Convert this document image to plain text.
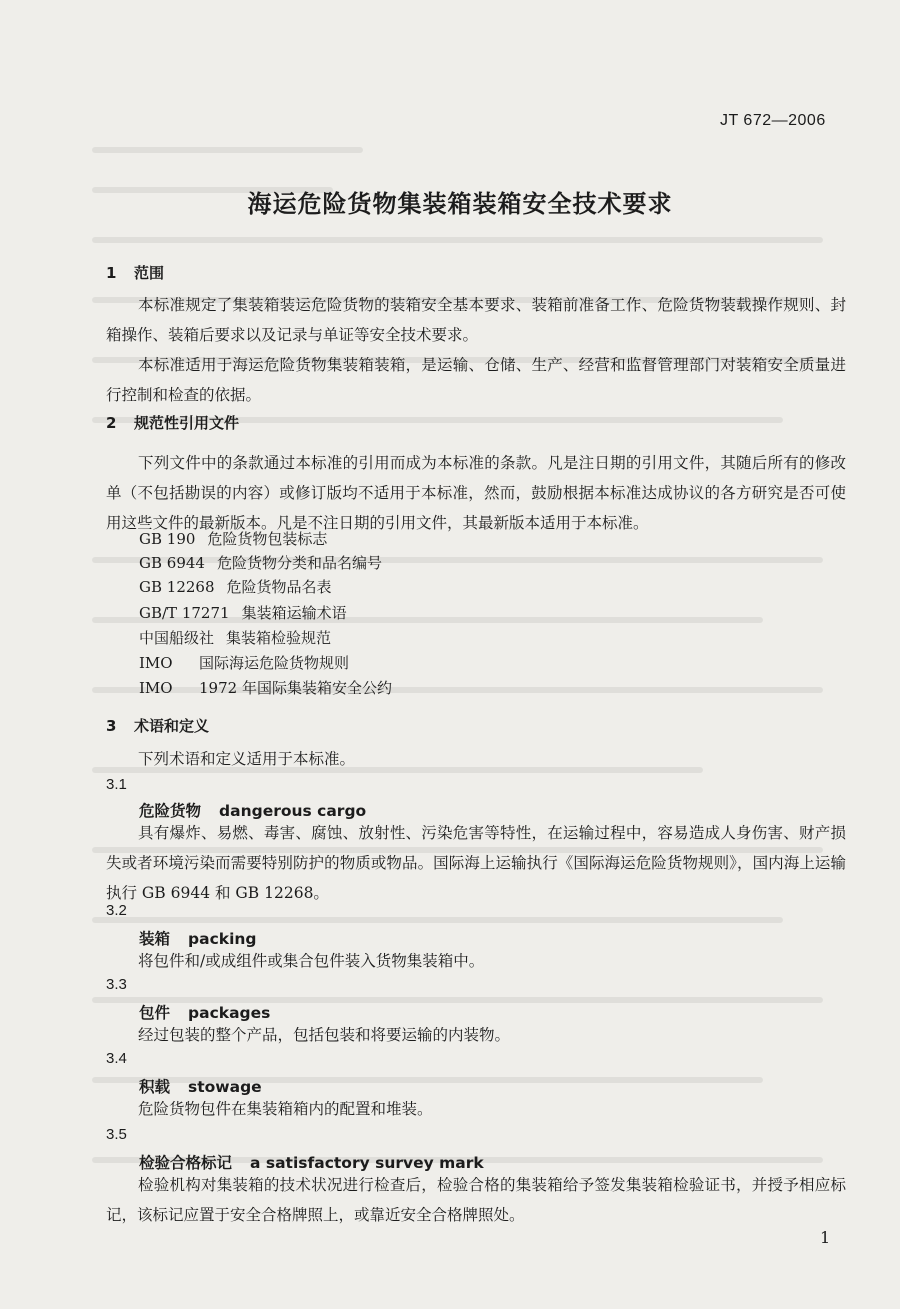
JT 672—2006
海运危险货物集装箱装箱安全技术要求
1 范围

本标准规定了集装箱装运危险货物的装箱安全基本要求、装箱前准备工作、危险货物装载操作规则、封箱操作、装箱后要求以及记录与单证等安全技术要求。

本标准适用于海运危险货物集装箱装箱，是运输、仓储、生产、经营和监督管理部门对装箱安全质量进行控制和检查的依据。

2 规范性引用文件

下列文件中的条款通过本标准的引用而成为本标准的条款。凡是注日期的引用文件，其随后所有的修改单（不包括勘误的内容）或修订版均不适用于本标准，然而，鼓励根据本标准达成协议的各方研究是否可使用这些文件的最新版本。凡是不注日期的引用文件，其最新版本适用于本标准。

GB 190 危险货物包装标志
GB 6944 危险货物分类和品名编号
GB 12268 危险货物品名表
GB/T 17271 集装箱运输术语
中国船级社 集装箱检验规范
IMO 国际海运危险货物规则
IMO 1972 年国际集装箱安全公约
3 术语和定义

下列术语和定义适用于本标准。

3.1
危险货物 dangerous cargo

具有爆炸、易燃、毒害、腐蚀、放射性、污染危害等特性，在运输过程中，容易造成人身伤害、财产损失或者环境污染而需要特别防护的物质或物品。国际海上运输执行《国际海运危险货物规则》，国内海上运输执行 GB 6944 和 GB 12268。

3.2
装箱 packing

将包件和/或成组件或集合包件装入货物集装箱中。

3.3
包件 packages

经过包装的整个产品，包括包装和将要运输的内装物。

3.4
积载 stowage

危险货物包件在集装箱箱内的配置和堆装。

3.5
检验合格标记 a satisfactory survey mark

检验机构对集装箱的技术状况进行检查后，检验合格的集装箱给予签发集装箱检验证书，并授予相应标记，该标记应置于安全合格牌照上，或靠近安全合格牌照处。

1
